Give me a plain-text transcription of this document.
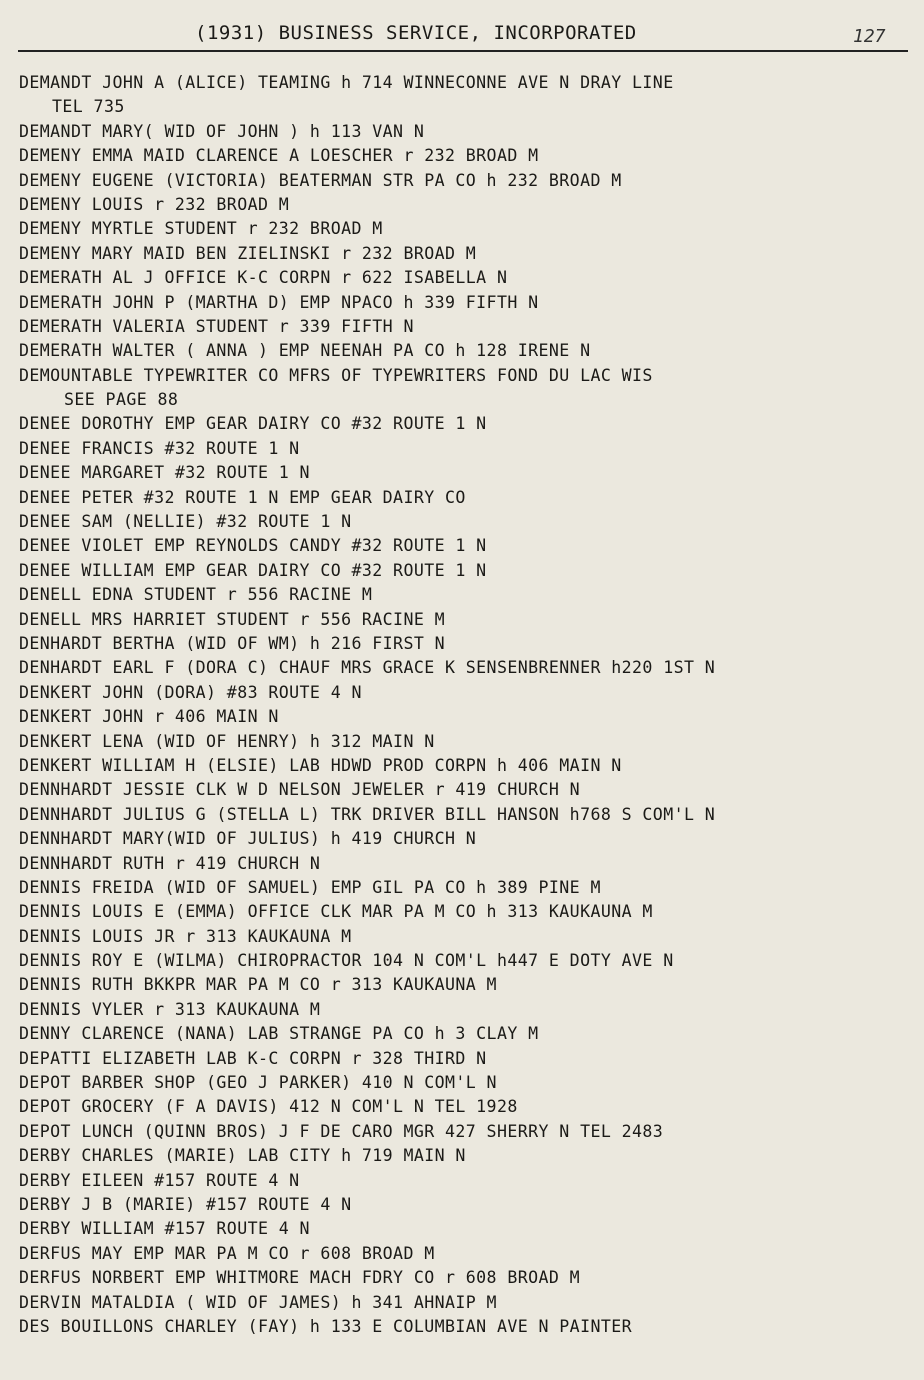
(1931) BUSINESS SERVICE, INCORPORATED	127
DEMANDT JOHN A (ALICE) TEAMING h 714 WINNECONNE AVE N DRAY LINE
TEL 735
DEMANDT MARY( WID OF JOHN ) h 113 VAN N
DEMENY EMMA MAID CLARENCE A LOESCHER r 232 BROAD M
DEMENY EUGENE (VICTORIA) BEATERMAN STR PA CO h 232 BROAD M
DEMENY LOUIS r 232 BROAD M
DEMENY MYRTLE STUDENT r 232 BROAD M
DEMENY MARY MAID BEN ZIELINSKI r 232 BROAD M
DEMERATH AL J OFFICE K-C CORPN r 622 ISABELLA N
DEMERATH JOHN P (MARTHA D) EMP NPACO h 339 FIFTH N
DEMERATH VALERIA STUDENT r 339 FIFTH N
DEMERATH WALTER ( ANNA ) EMP NEENAH PA CO h 128 IRENE N
DEMOUNTABLE TYPEWRITER CO MFRS OF TYPEWRITERS FOND DU LAC WIS
SEE PAGE 88
DENEE DOROTHY EMP GEAR DAIRY CO #32 ROUTE 1 N
DENEE FRANCIS #32 ROUTE 1 N
DENEE MARGARET #32 ROUTE 1 N
DENEE PETER #32 ROUTE 1 N EMP GEAR DAIRY CO
DENEE SAM (NELLIE) #32 ROUTE 1 N
DENEE VIOLET EMP REYNOLDS CANDY #32 ROUTE 1 N
DENEE WILLIAM EMP GEAR DAIRY CO #32 ROUTE 1 N
DENELL EDNA STUDENT r 556 RACINE M
DENELL MRS HARRIET STUDENT r 556 RACINE M
DENHARDT BERTHA (WID OF WM) h 216 FIRST N
DENHARDT EARL F (DORA C) CHAUF MRS GRACE K SENSENBRENNER h220 1ST N
DENKERT JOHN (DORA) #83 ROUTE 4 N
DENKERT JOHN r 406 MAIN N
DENKERT LENA (WID OF HENRY) h 312 MAIN N
DENKERT WILLIAM H (ELSIE) LAB HDWD PROD CORPN h 406 MAIN N
DENNHARDT JESSIE CLK W D NELSON JEWELER r 419 CHURCH N
DENNHARDT JULIUS G (STELLA L) TRK DRIVER BILL HANSON h768 S COM'L N
DENNHARDT MARY(WID OF JULIUS) h 419 CHURCH N
DENNHARDT RUTH r 419 CHURCH N
DENNIS FREIDA (WID OF SAMUEL) EMP GIL PA CO h 389 PINE M
DENNIS LOUIS E (EMMA) OFFICE CLK MAR PA M CO h 313 KAUKAUNA M
DENNIS LOUIS JR r 313 KAUKAUNA M
DENNIS ROY E (WILMA) CHIROPRACTOR 104 N COM'L h447 E DOTY AVE N
DENNIS RUTH BKKPR MAR PA M CO r 313 KAUKAUNA M
DENNIS VYLER r 313 KAUKAUNA M
DENNY CLARENCE (NANA) LAB STRANGE PA CO h 3 CLAY M
DEPATTI ELIZABETH LAB K-C CORPN r 328 THIRD N
DEPOT BARBER SHOP (GEO J PARKER) 410 N COM'L N
DEPOT GROCERY (F A DAVIS) 412 N COM'L N TEL 1928
DEPOT LUNCH (QUINN BROS) J F DE CARO MGR 427 SHERRY N TEL 2483
DERBY CHARLES (MARIE) LAB CITY h 719 MAIN N
DERBY EILEEN #157 ROUTE 4 N
DERBY J B (MARIE) #157 ROUTE 4 N
DERBY WILLIAM #157 ROUTE 4 N
DERFUS MAY EMP MAR PA M CO r 608 BROAD M
DERFUS NORBERT EMP WHITMORE MACH FDRY CO r 608 BROAD M
DERVIN MATALDIA ( WID OF JAMES) h 341 AHNAIP M
DES BOUILLONS CHARLEY (FAY) h 133 E COLUMBIAN AVE N PAINTER
